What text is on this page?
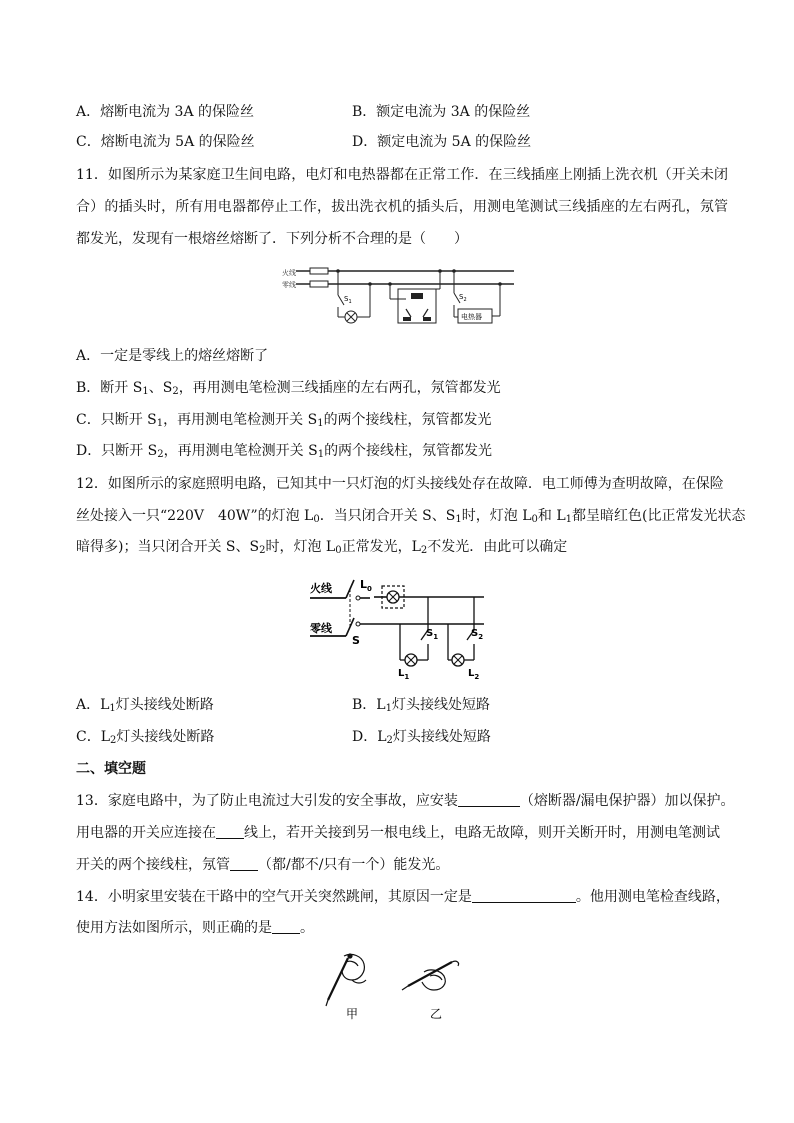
A．熔断电流为 3A 的保险丝	B．额定电流为 3A 的保险丝
C．熔断电流为 5A 的保险丝	D．额定电流为 5A 的保险丝
11．如图所示为某家庭卫生间电路，电灯和电热器都在正常工作．在三线插座上刚插上洗衣机（开关未闭合）的插头时，所有用电器都停止工作，拔出洗衣机的插头后，用测电笔测试三线插座的左右两孔，氖管都发光，发现有一根熔丝熔断了．下列分析不合理的是（　　）
火线
零线
$S_1$
$S_2$
电热器
A．一定是零线上的熔丝熔断了
B．断开 $S_1$、$S_2$，再用测电笔检测三线插座的左右两孔，氖管都发光
C．只断开 $S_1$，再用测电笔检测开关 $S_1$的两个接线柱，氖管都发光
D．只断开 $S_2$，再用测电笔检测开关 $S_1$的两个接线柱，氖管都发光
12．如图所示的家庭照明电路，已知其中一只灯泡的灯头接线处存在故障．电工师傅为查明故障，在保险
丝处接入一只“220V　40W”的灯泡 $L_0$．当只闭合开关 S、$S_1$时，灯泡 $L_0$和 $L_1$都呈暗红色(比正常发光状态
暗得多)；当只闭合开关 S、$S_2$时，灯泡 $L_0$正常发光，$L_2$不发光．由此可以确定
火线
零线
S
$L_0$
$S_1$
$L_1$
$S_2$
$L_2$
A．$L_1$灯头接线处断路	B．$L_1$灯头接线处短路
C．$L_2$灯头接线处断路	D．$L_2$灯头接线处短路
二、填空题
13．家庭电路中，为了防止电流过大引发的安全事故，应安装	（熔断器/漏电保护器）加以保护。
用电器的开关应连接在 线上，若开关接到另一根电线上，电路无故障，则开关断开时，用测电笔测试
开关的两个接线柱，氖管 （都/都不/只有一个）能发光。
14．小明家里安装在干路中的空气开关突然跳闸，其原因一定是	。他用测电笔检查线路，
使用方法如图所示，则正确的是 。
甲	乙
